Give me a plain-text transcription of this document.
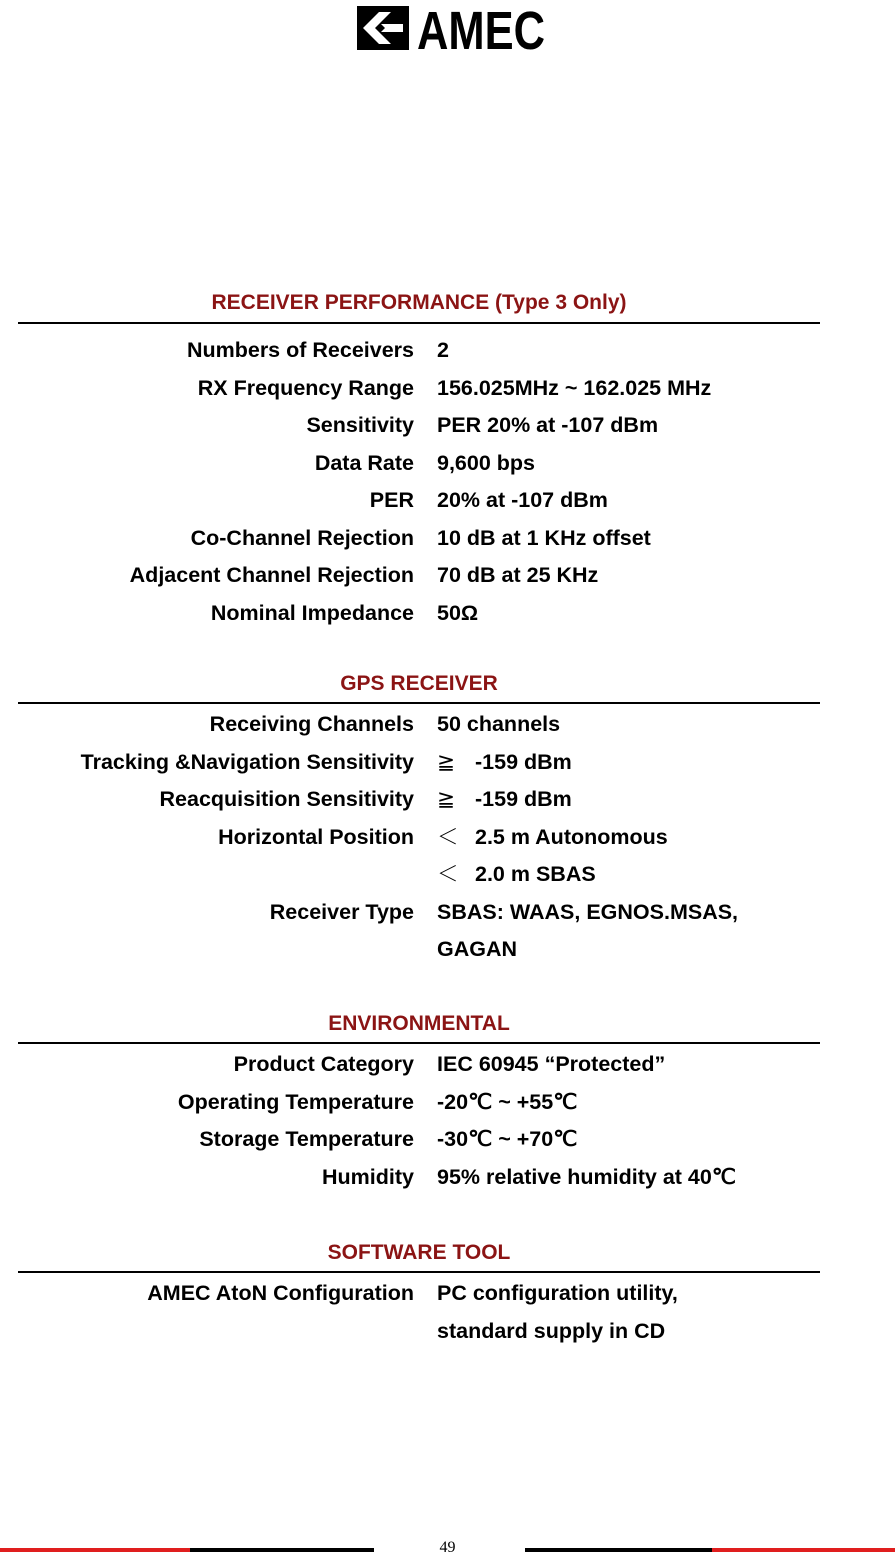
AMEC
RECEIVER PERFORMANCE (Type 3 Only)
Numbers of Receivers 2
RX Frequency Range 156.025MHz ~ 162.025 MHz
Sensitivity PER 20% at -107 dBm
Data Rate 9,600 bps
PER 20% at -107 dBm
Co-Channel Rejection 10 dB at 1 KHz offset
Adjacent Channel Rejection 70 dB at 25 KHz
Nominal Impedance 50Ω
GPS RECEIVER
Receiving Channels 50 channels
Tracking &Navigation Sensitivity ≧ -159 dBm
Reacquisition Sensitivity ≧ -159 dBm
Horizontal Position ＜ 2.5 m Autonomous
＜ 2.0 m SBAS
Receiver Type SBAS: WAAS, EGNOS.MSAS,
GAGAN
ENVIRONMENTAL
Product Category IEC 60945 “Protected”
Operating Temperature -20℃ ~ +55℃
Storage Temperature -30℃ ~ +70℃
Humidity 95% relative humidity at 40℃
SOFTWARE TOOL
AMEC AtoN Configuration PC configuration utility,
standard supply in CD
49
